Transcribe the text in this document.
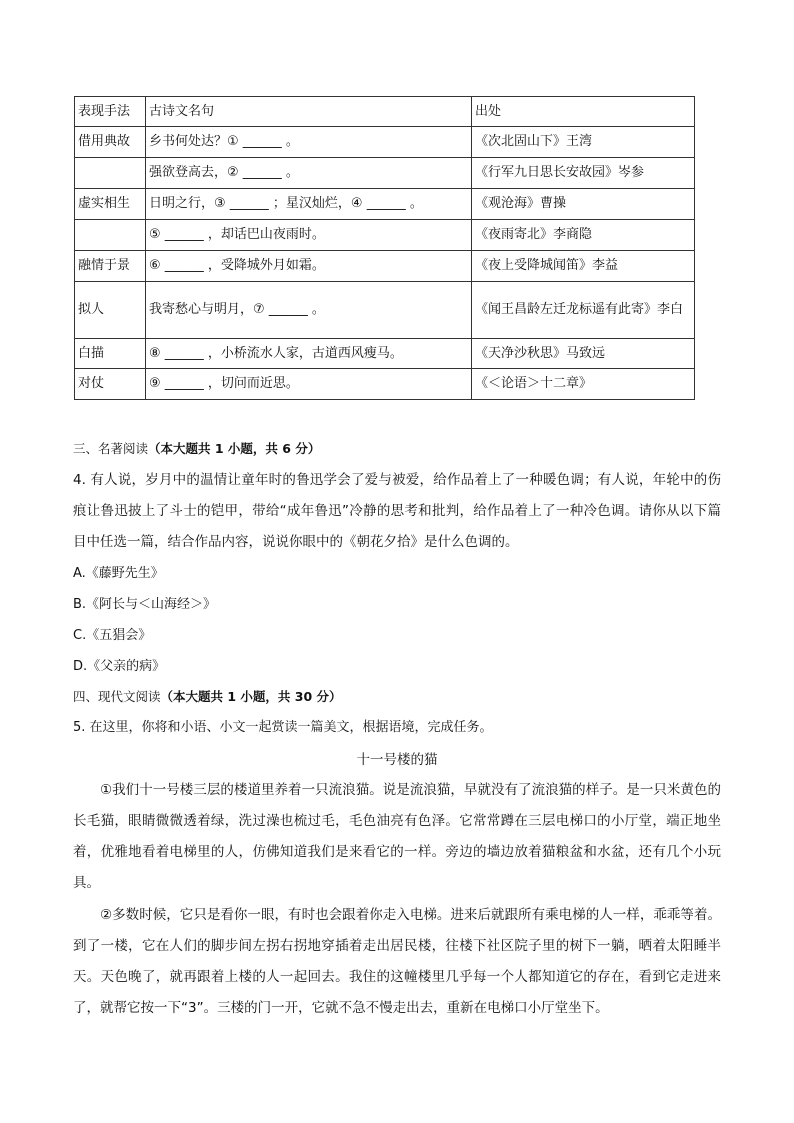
表现手法	古诗文名句	出处
借用典故	乡书何处达？① ______ 。	《次北固山下》王湾
	强欲登高去，② ______ 。	《行军九日思长安故园》岑参
虚实相生	日明之行，③ ______ ；星汉灿烂，④ ______ 。	《观沧海》曹操
	⑤ ______ ，却话巴山夜雨时。	《夜雨寄北》李商隐
融情于景	⑥ ______ ，受降城外月如霜。	《夜上受降城闻笛》李益
拟人	我寄愁心与明月，⑦ ______ 。	《闻王昌龄左迁龙标遥有此寄》李白
白描	⑧ ______ ，小桥流水人家，古道西风瘦马。	《天净沙秋思》马致远
对仗	⑨ ______ ，切问而近思。	《＜论语＞十二章》
三、名著阅读（本大题共 1 小题，共 6 分）

4. 有人说，岁月中的温情让童年时的鲁迅学会了爱与被爱，给作品着上了一种暖色调；有人说，年轮中的伤痕让鲁迅披上了斗士的铠甲，带给“成年鲁迅”冷静的思考和批判，给作品着上了一种冷色调。请你从以下篇目中任选一篇，结合作品内容，说说你眼中的《朝花夕拾》是什么色调的。

A.《藤野先生》
B.《阿长与＜山海经＞》
C.《五猖会》
D.《父亲的病》
四、现代文阅读（本大题共 1 小题，共 30 分）
5. 在这里，你将和小语、小文一起赏读一篇美文，根据语境，完成任务。
十一号楼的猫

①我们十一号楼三层的楼道里养着一只流浪猫。说是流浪猫，早就没有了流浪猫的样子。是一只米黄色的长毛猫，眼睛微微透着绿，洗过澡也梳过毛，毛色油亮有色泽。它常常蹲在三层电梯口的小厅堂，端正地坐着，优雅地看着电梯里的人，仿佛知道我们是来看它的一样。旁边的墙边放着猫粮盆和水盆，还有几个小玩具。

②多数时候，它只是看你一眼，有时也会跟着你走入电梯。进来后就跟所有乘电梯的人一样，乖乖等着。到了一楼，它在人们的脚步间左拐右拐地穿插着走出居民楼，往楼下社区院子里的树下一躺，晒着太阳睡半天。天色晚了，就再跟着上楼的人一起回去。我住的这幢楼里几乎每一个人都知道它的存在，看到它走进来了，就帮它按一下“3”。三楼的门一开，它就不急不慢走出去，重新在电梯口小厅堂坐下。
